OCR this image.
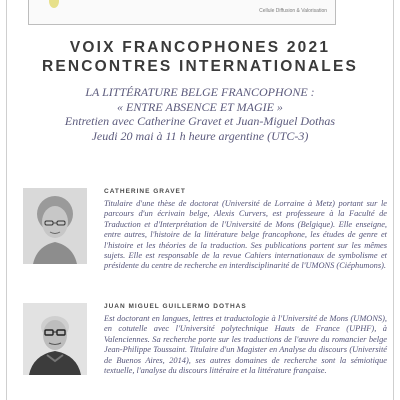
Cellule Diffusion & Valorisation
VOIX FRANCOPHONES 2021
RENCONTRES INTERNATIONALES
LA LITTÉRATURE BELGE FRANCOPHONE :
« ENTRE ABSENCE ET MAGIE »
Entretien avec Catherine Gravet et Juan-Miguel Dothas
Jeudi 20 mai à 11 h heure argentine (UTC-3)
CATHERINE GRAVET

Titulaire d'une thèse de doctorat (Université de Lorraine à Metz) portant sur le parcours d'un écrivain belge, Alexis Curvers, est professeure à la Faculté de Traduction et d'Interprétation de l'Université de Mons (Belgique). Elle enseigne, entre autres, l'histoire de la littérature belge francophone, les études de genre et l'histoire et les théories de la traduction. Ses publications portent sur les mêmes sujets. Elle est responsable de la revue Cahiers internationaux de symbolisme et présidente du centre de recherche en interdisciplinarité de l'UMONS (Ciéphumons).

JUAN MIGUEL GUILLERMO DOTHAS

Est doctorant en langues, lettres et traductologie à l'Université de Mons (UMONS), en cotutelle avec l'Université polytechnique Hauts de France (UPHF), à Valenciennes. Sa recherche porte sur les traductions de l'œuvre du romancier belge Jean-Philippe Toussaint. Titulaire d'un Magister en Analyse du discours (Université de Buenos Aires, 2014), ses autres domaines de recherche sont la sémiotique textuelle, l'analyse du discours littéraire et la littérature française.
